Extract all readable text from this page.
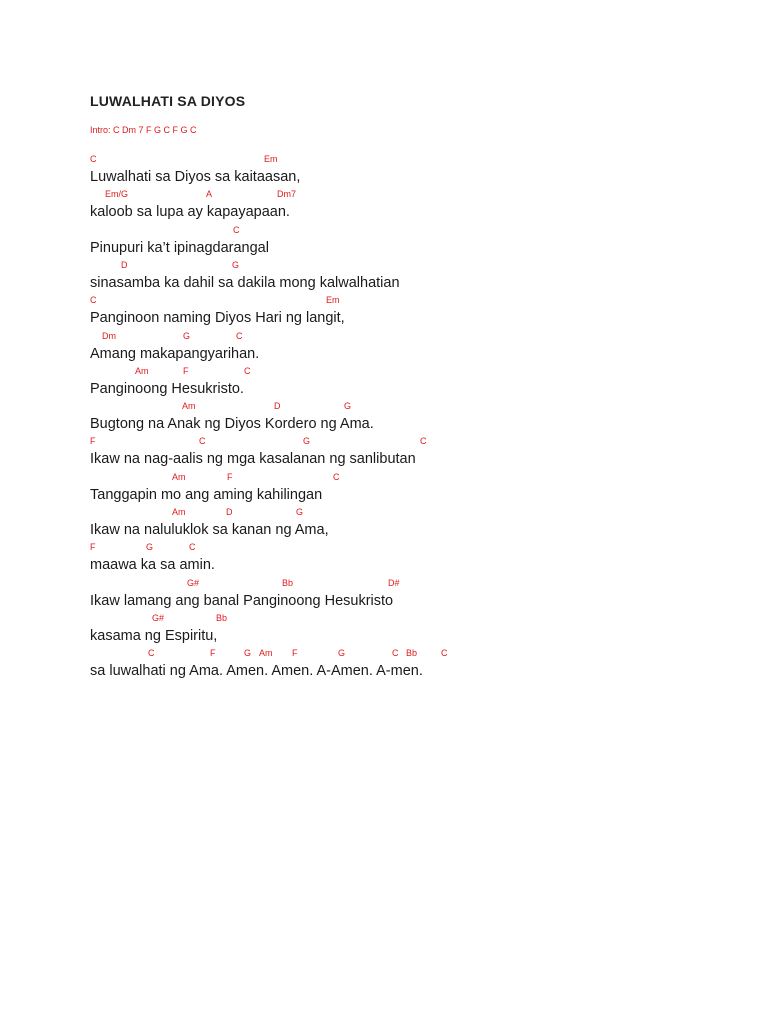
LUWALHATI SA DIYOS
Intro: C Dm 7 F G C F G C
C	Em
Luwalhati sa Diyos sa kaitaasan,
Em/G	A	Dm7
kaloob sa lupa ay kapayapaan.
C
Pinupuri ka’t ipinagdarangal
D	G
sinasamba ka dahil sa dakila mong kalwalhatian
C	Em
Panginoon naming Diyos Hari ng langit,
Dm	G	C
Amang makapangyarihan.
Am	F	C
Panginoong Hesukristo.
Am	D	G
Bugtong na Anak ng Diyos Kordero ng Ama.
F	C	G	C
Ikaw na nag-aalis ng mga kasalanan ng sanlibutan
Am	F	C
Tanggapin mo ang aming kahilingan
Am	D	G
Ikaw na naluluklok sa kanan ng Ama,
F	G	C
maawa ka sa amin.
G#	Bb	D#
Ikaw lamang ang banal Panginoong Hesukristo
G#	Bb
kasama ng Espiritu,
C	F	G Am F	G	C Bb	C
sa luwalhati ng Ama. Amen. Amen. A-Amen. A-men.
